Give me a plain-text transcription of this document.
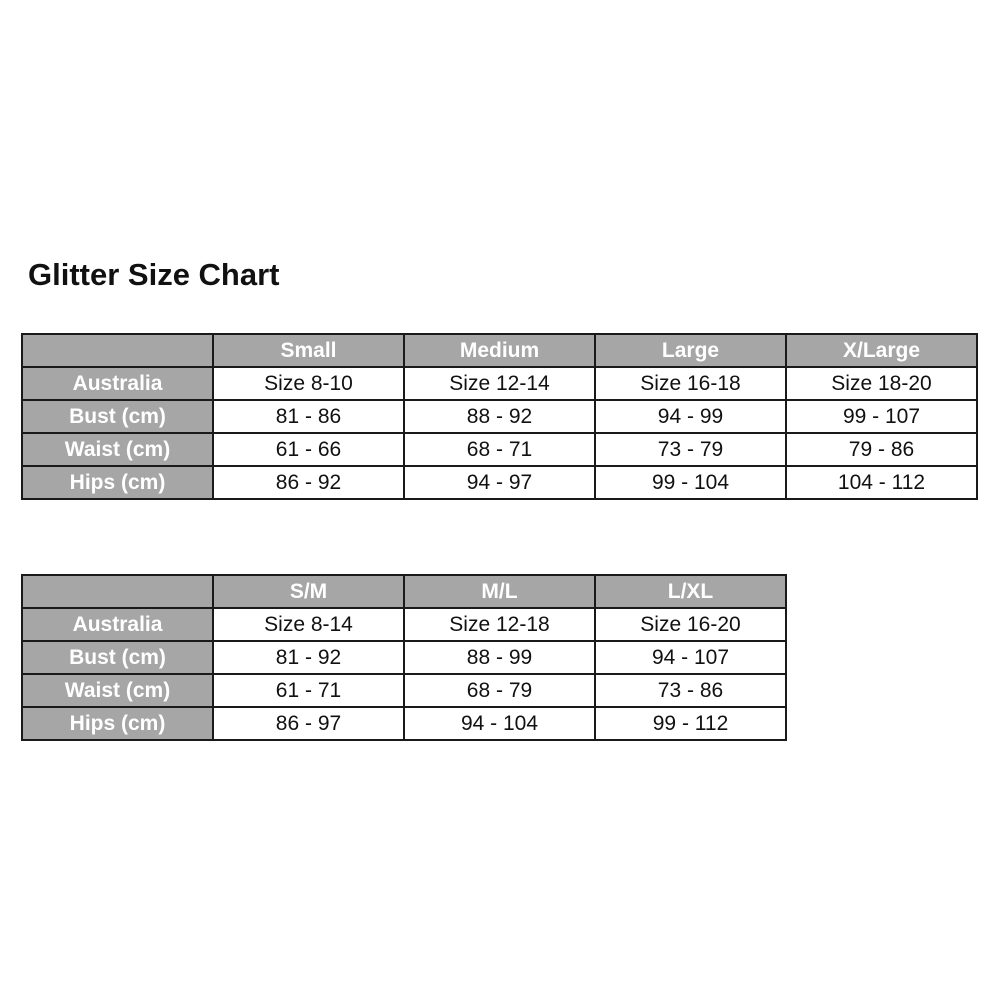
Glitter Size Chart
	Small	Medium	Large	X/Large
Australia	Size 8-10	Size 12-14	Size 16-18	Size 18-20
Bust (cm)	81 - 86	88 - 92	94 - 99	99 - 107
Waist (cm)	61 - 66	68 - 71	73 - 79	79 - 86
Hips (cm)	86 - 92	94 - 97	99 - 104	104 - 112
	S/M	M/L	L/XL
Australia	Size 8-14	Size 12-18	Size 16-20
Bust (cm)	81 - 92	88 - 99	94 - 107
Waist (cm)	61 - 71	68 - 79	73 - 86
Hips (cm)	86 - 97	94 - 104	99 - 112
